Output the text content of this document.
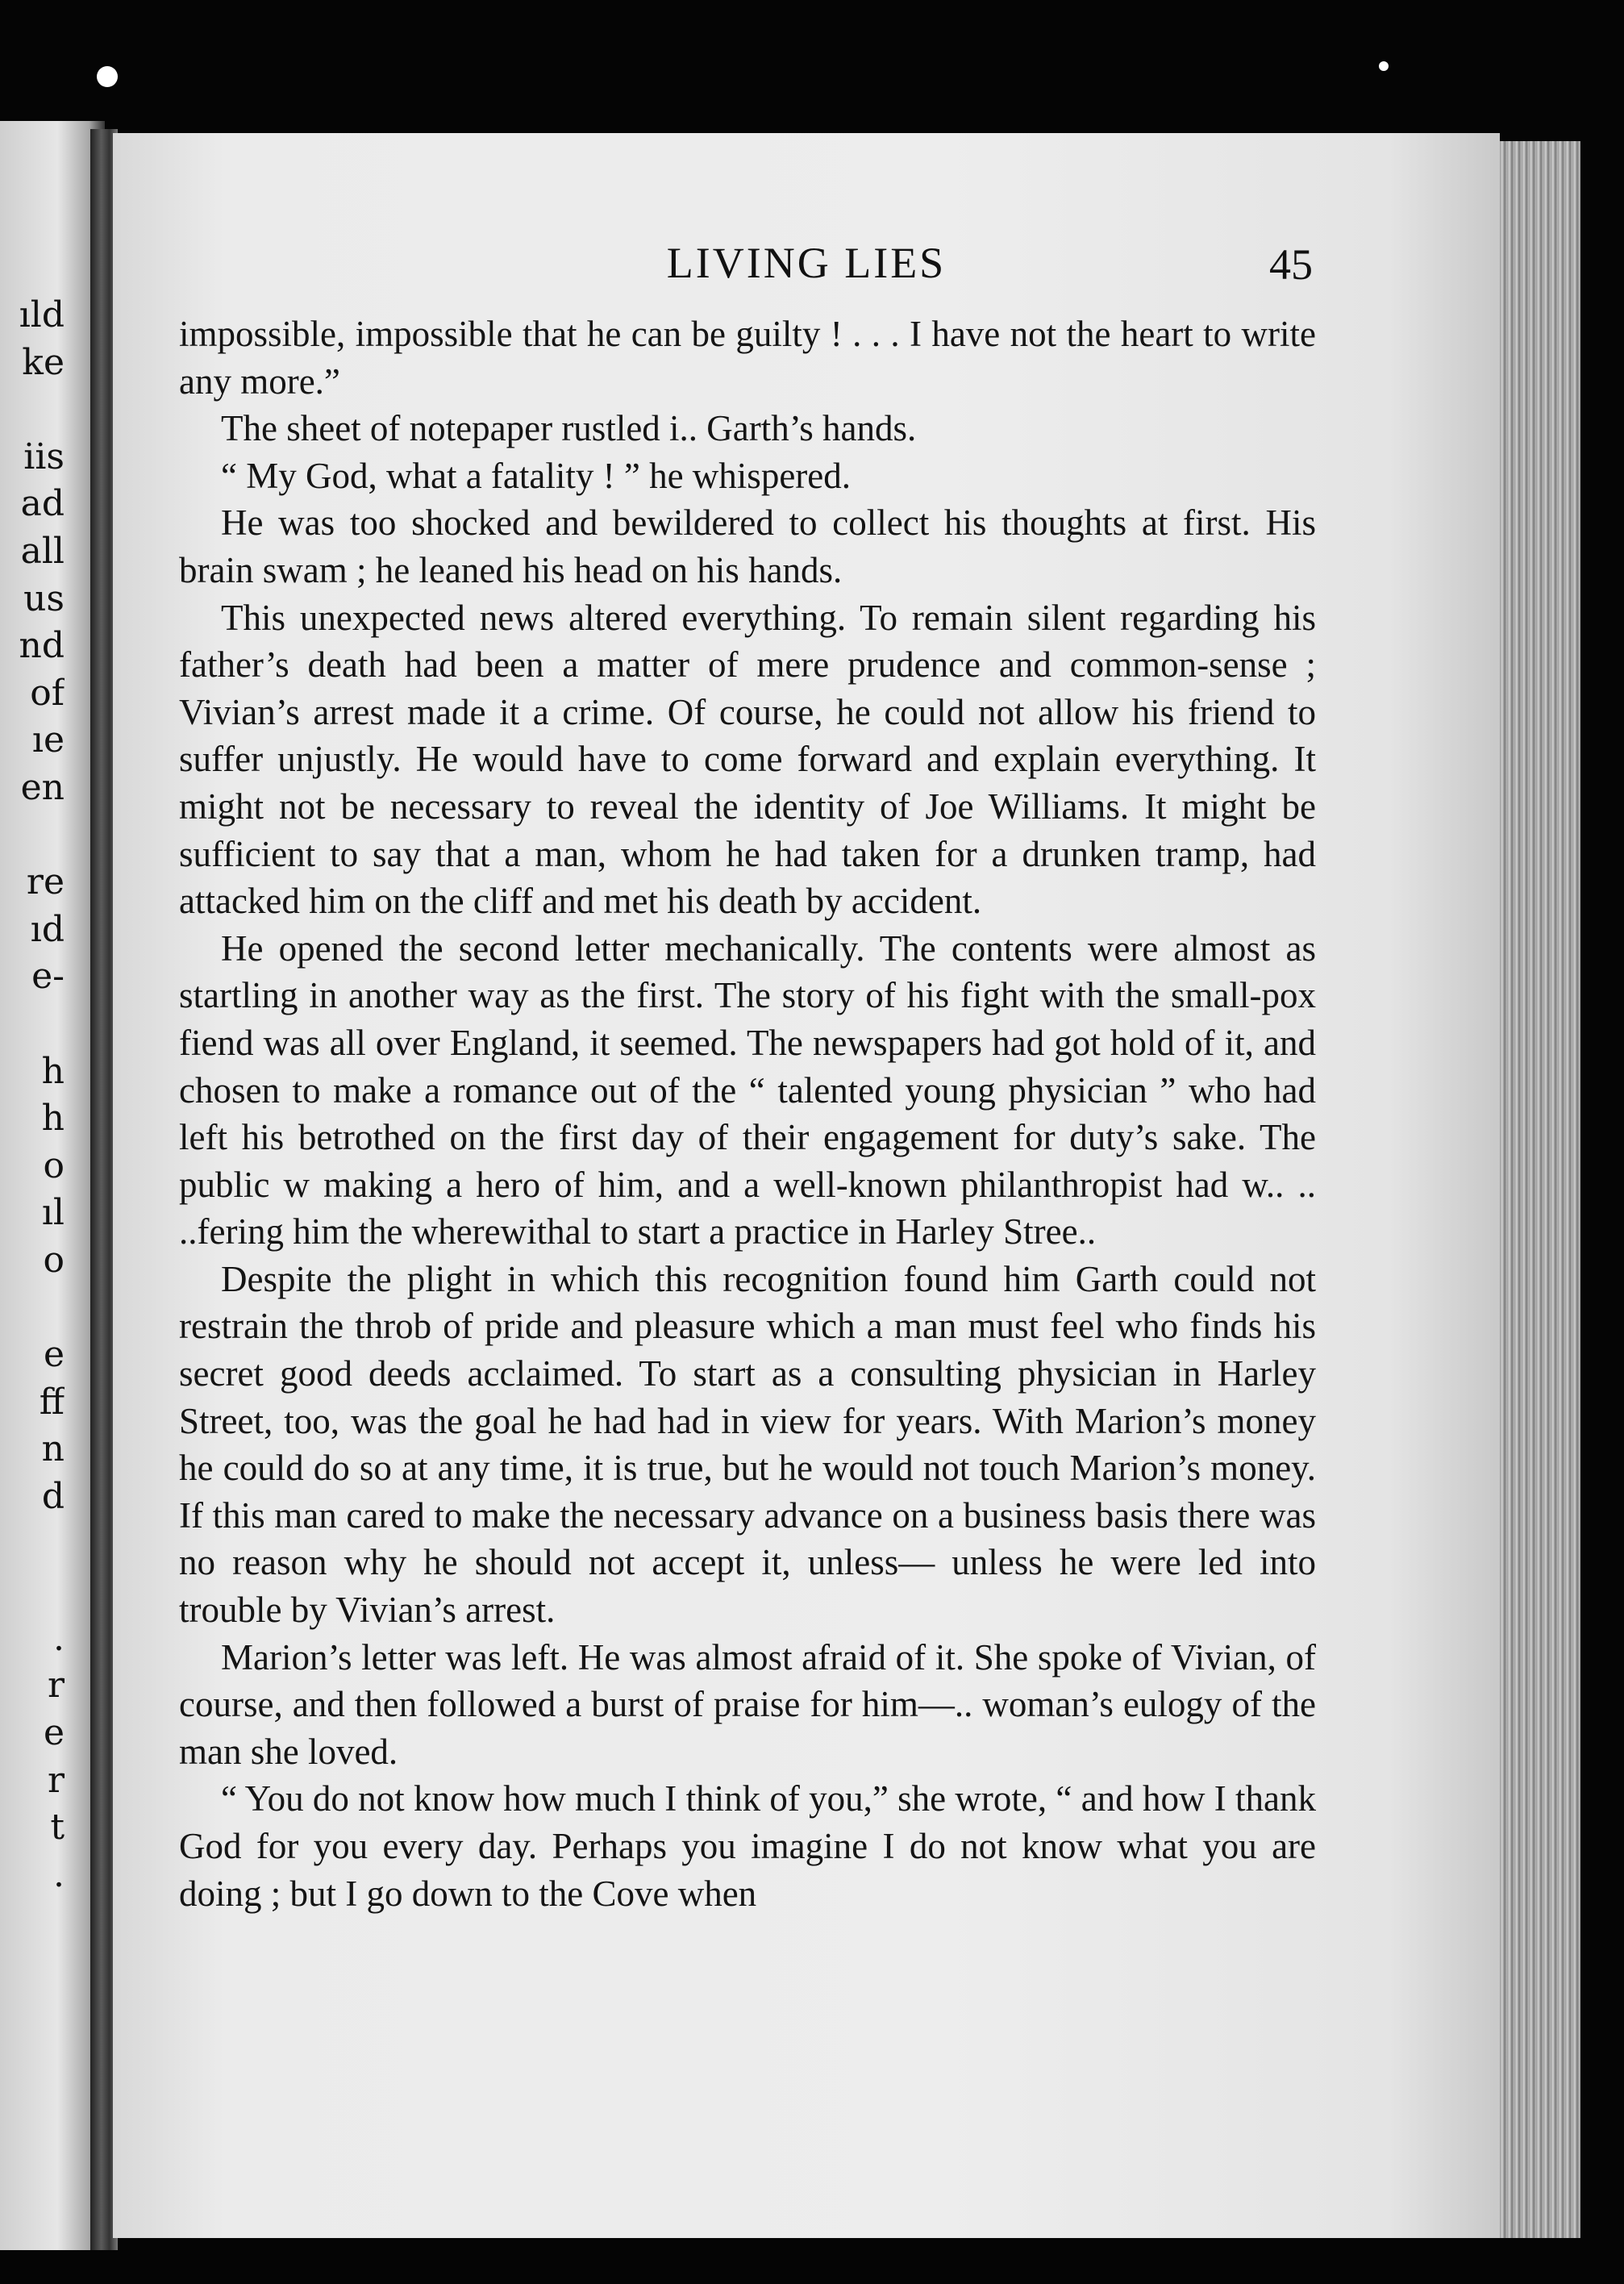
ıld
ke
iis
ad
all
us
nd
of
ıe
en
re
ıd
e-
h
h
o
ıl
o
e
ff
n
d
.
r
e
r
t
.
LIVING LIES	45

impossible, impossible that he can be guilty ! . . . I have not the heart to write any more.”

The sheet of notepaper rustled i.. Garth’s hands.

“ My God, what a fatality ! ” he whispered.

He was too shocked and bewildered to collect his thoughts at first. His brain swam ; he leaned his head on his hands.

This unexpected news altered everything. To remain silent regarding his father’s death had been a matter of mere prudence and common-sense ; Vivian’s arrest made it a crime. Of course, he could not allow his friend to suffer unjustly. He would have to come forward and explain everything. It might not be necessary to reveal the identity of Joe Williams. It might be sufficient to say that a man, whom he had taken for a drunken tramp, had attacked him on the cliff and met his death by accident.

He opened the second letter mechanically. The contents were almost as startling in another way as the first. The story of his fight with the small-pox fiend was all over England, it seemed. The newspapers had got hold of it, and chosen to make a romance out of the “ talented young physician ” who had left his betrothed on the first day of their engagement for duty’s sake. The public w making a hero of him, and a well-known philanthropist had w.. .. ..fering him the wherewithal to start a practice in Harley Stree..

Despite the plight in which this recognition found him Garth could not restrain the throb of pride and pleasure which a man must feel who finds his secret good deeds acclaimed. To start as a consulting physician in Harley Street, too, was the goal he had had in view for years. With Marion’s money he could do so at any time, it is true, but he would not touch Marion’s money. If this man cared to make the necessary advance on a business basis there was no reason why he should not accept it, unless— unless he were led into trouble by Vivian’s arrest.

Marion’s letter was left. He was almost afraid of it. She spoke of Vivian, of course, and then followed a burst of praise for him—.. woman’s eulogy of the man she loved.

“ You do not know how much I think of you,” she wrote, “ and how I thank God for you every day. Perhaps you imagine I do not know what you are doing ; but I go down to the Cove when
